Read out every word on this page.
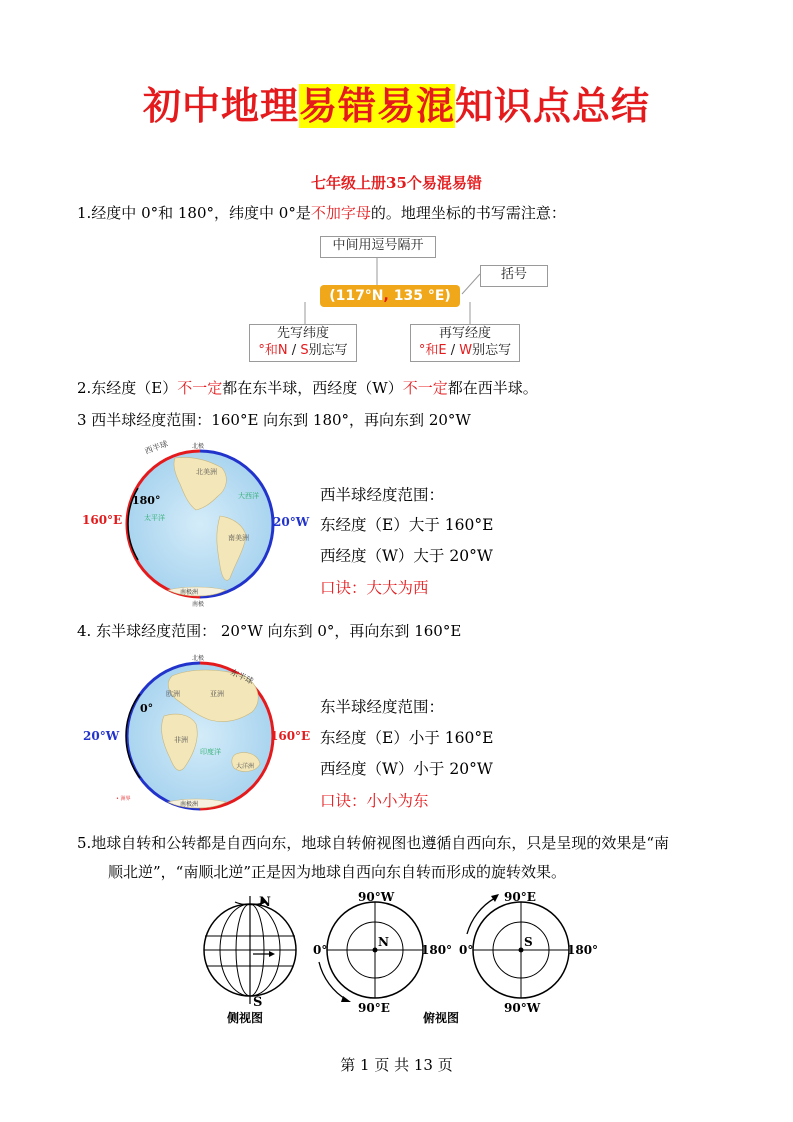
初中地理易错易混知识点总结
七年级上册35个易混易错
1.经度中 0°和 180°，纬度中 0°是不加字母的。地理坐标的书写需注意：
中间用逗号隔开
括号
(117°N, 135 °E)
先写纬度
°和N / S别忘写
再写经度
°和E / W别忘写
2.东经度（E）不一定都在东半球，西经度（W）不一定都在西半球。
3 西半球经度范围：160°E 向东到 180°，再向东到 20°W
北美洲
南美洲
太平洋
大西洋
南极洲
北极
南极
西半球
180°
160°E	20°W
西半球经度范围：
东经度（E）大于 160°E
西经度（W）大于 20°W
口诀：大大为西
4. 东半球经度范围： 20°W 向东到 0°，再向东到 160°E
亚洲
欧洲
非洲
印度洋
大洋洲
南极洲
北极
东半球
0°
• 洲界
20°W	160°E
东半球经度范围：
东经度（E）小于 160°E
西经度（W）小于 20°W
口诀：小小为东
5.地球自转和公转都是自西向东，地球自转俯视图也遵循自西向东，只是呈现的效果是“南
顺北逆”，“南顺北逆”正是因为地球自西向东自转而形成的旋转效果。
N
S
侧视图
N
90°W
90°E
0°	180°
S
90°E
90°W
0°	180°
俯视图
第 1 页 共 13 页
